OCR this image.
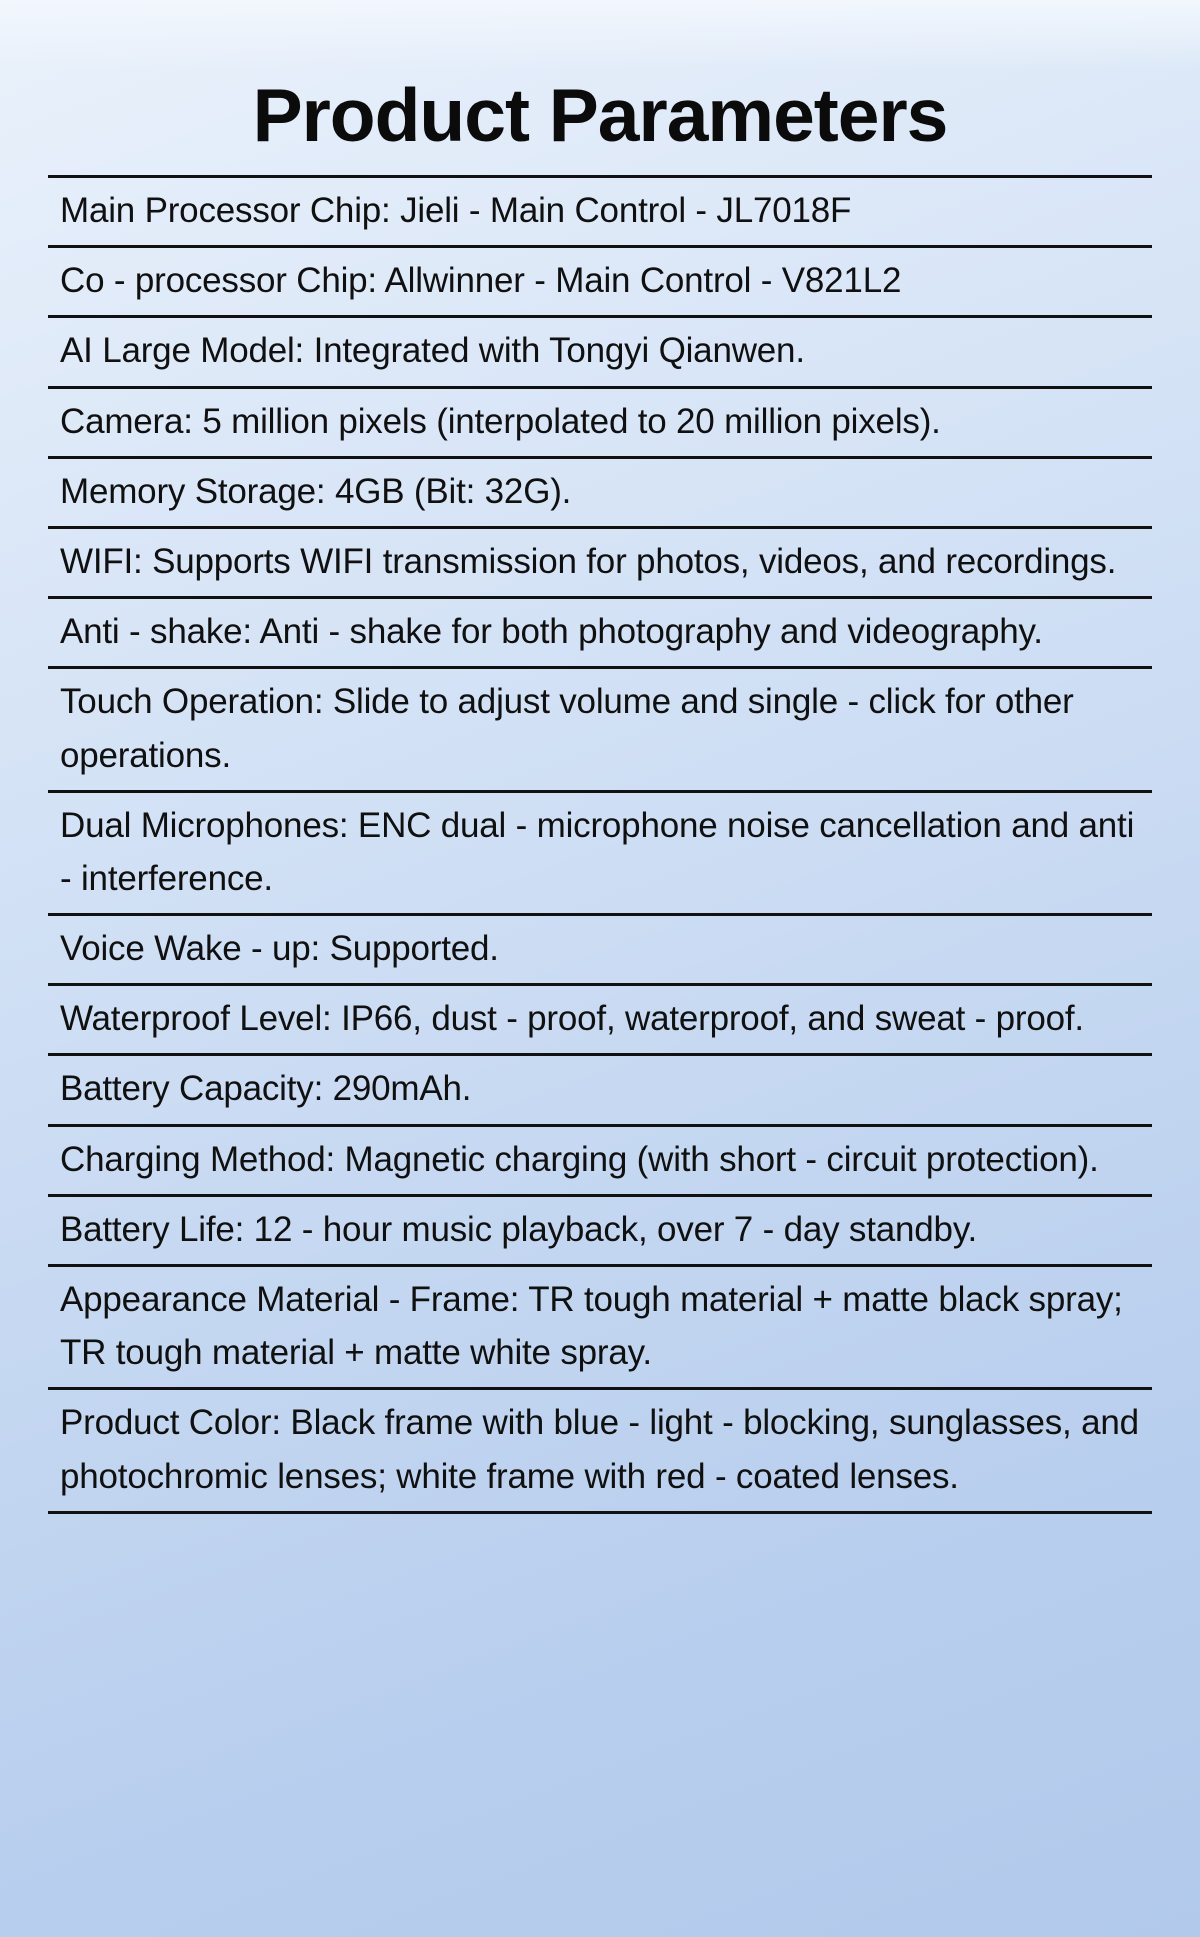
Product Parameters
Main Processor Chip: Jieli ‐ Main Control ‐ JL7018F
Co ‐ processor Chip: Allwinner ‐ Main Control ‐ V821L2
AI Large Model: Integrated with Tongyi Qianwen.
Camera: 5 million pixels (interpolated to 20 million pixels).
Memory Storage: 4GB (Bit: 32G).
WIFI: Supports WIFI transmission for photos, videos, and recordings.
Anti ‐ shake: Anti ‐ shake for both photography and videography.
Touch Operation: Slide to adjust volume and single ‐ click for other operations.
Dual Microphones: ENC dual ‐ microphone noise cancellation and anti ‐ interference.
Voice Wake ‐ up: Supported.
Waterproof Level: IP66, dust ‐ proof, waterproof, and sweat ‐ proof.
Battery Capacity: 290mAh.
Charging Method: Magnetic charging (with short ‐ circuit protection).
Battery Life: 12 ‐ hour music playback, over 7 ‐ day standby.
Appearance Material ‐ Frame: TR tough material + matte black spray; TR tough material + matte white spray.
Product Color: Black frame with blue ‐ light ‐ blocking, sunglasses, and photochromic lenses; white frame with red ‐ coated lenses.
